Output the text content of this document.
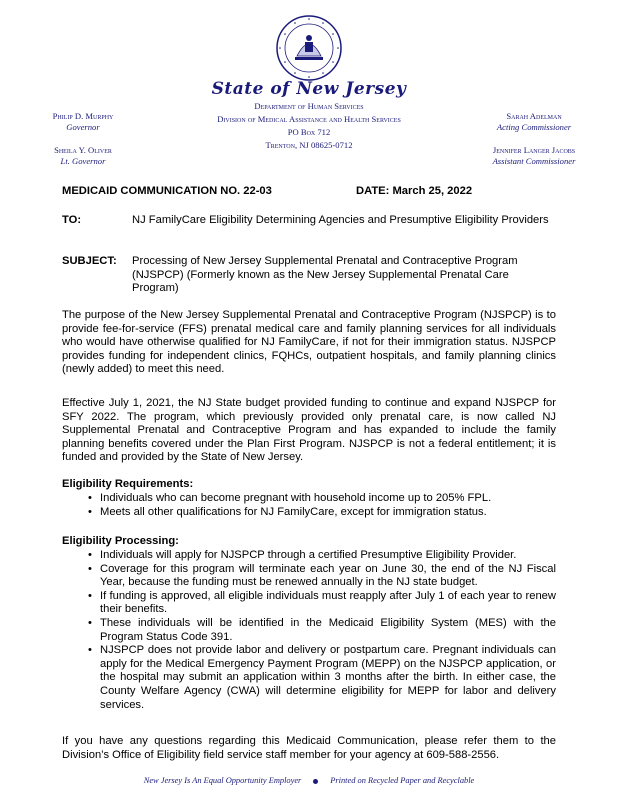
State of New Jersey
Department of Human Services
Division of Medical Assistance and Health Services
PO Box 712
Trenton, NJ 08625-0712
Philip D. Murphy
Governor
Sheila Y. Oliver
Lt. Governor
Sarah Adelman
Acting Commissioner
Jennifer Langer Jacobs
Assistant Commissioner
MEDICAID COMMUNICATION NO. 22-03	DATE: March 25, 2022
TO:	NJ FamilyCare Eligibility Determining Agencies and Presumptive Eligibility Providers
SUBJECT: Processing of New Jersey Supplemental Prenatal and Contraceptive Program (NJSPCP) (Formerly known as the New Jersey Supplemental Prenatal Care Program)
The purpose of the New Jersey Supplemental Prenatal and Contraceptive Program (NJSPCP) is to provide fee-for-service (FFS) prenatal medical care and family planning services for all individuals who would have otherwise qualified for NJ FamilyCare, if not for their immigration status. NJSPCP provides funding for independent clinics, FQHCs, outpatient hospitals, and family planning clinics (newly added) to meet this need.
Effective July 1, 2021, the NJ State budget provided funding to continue and expand NJSPCP for SFY 2022. The program, which previously provided only prenatal care, is now called NJ Supplemental Prenatal and Contraceptive Program and has expanded to include the family planning benefits covered under the Plan First Program. NJSPCP is not a federal entitlement; it is funded and provided by the State of New Jersey.
Eligibility Requirements:
• Individuals who can become pregnant with household income up to 205% FPL.
• Meets all other qualifications for NJ FamilyCare, except for immigration status.
Eligibility Processing:
• Individuals will apply for NJSPCP through a certified Presumptive Eligibility Provider.
• Coverage for this program will terminate each year on June 30, the end of the NJ Fiscal Year, because the funding must be renewed annually in the NJ state budget.
• If funding is approved, all eligible individuals must reapply after July 1 of each year to renew their benefits.
• These individuals will be identified in the Medicaid Eligibility System (MES) with the Program Status Code 391.
• NJSPCP does not provide labor and delivery or postpartum care. Pregnant individuals can apply for the Medical Emergency Payment Program (MEPP) on the NJSPCP application, or the hospital may submit an application within 3 months after the birth. In either case, the County Welfare Agency (CWA) will determine eligibility for MEPP for labor and delivery services.
If you have any questions regarding this Medicaid Communication, please refer them to the Division’s Office of Eligibility field service staff member for your agency at 609-588-2556.
New Jersey Is An Equal Opportunity Employer	Printed on Recycled Paper and Recyclable
